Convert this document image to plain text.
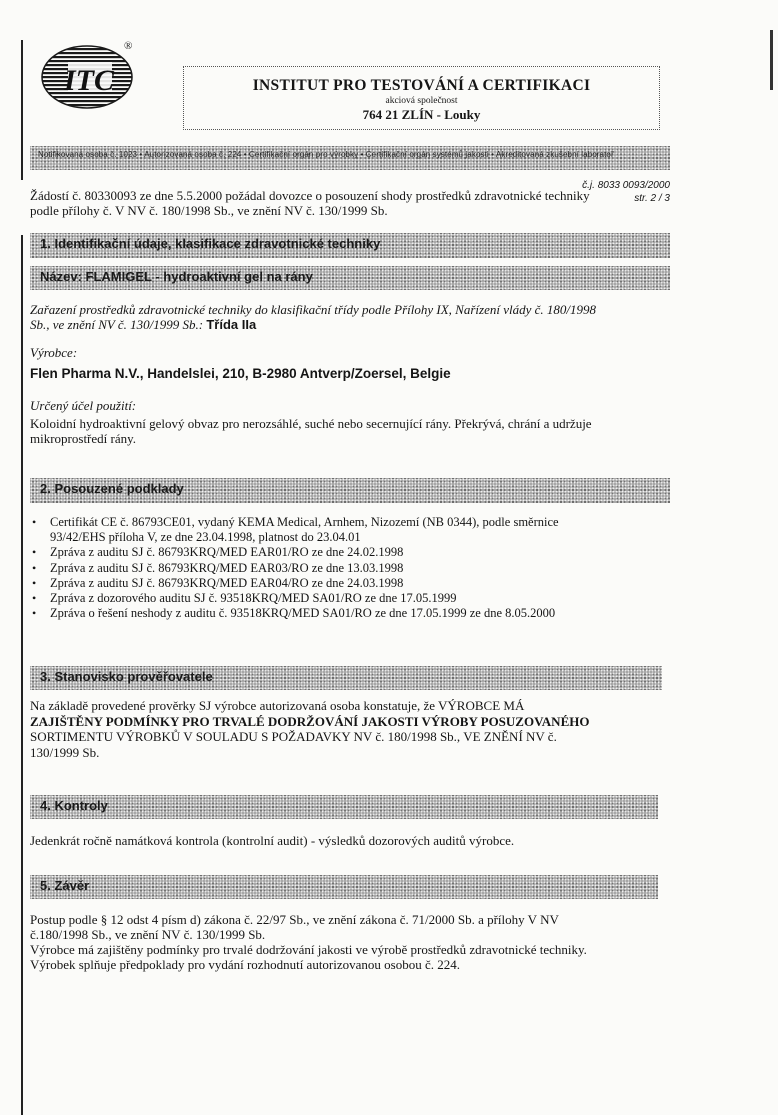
ITC
®
INSTITUT PRO TESTOVÁNÍ A CERTIFIKACI
akciová společnost
764 21 ZLÍN - Louky
Notifikovaná osoba č. 1023 • Autorizovaná osoba č. 224 • Certifikační orgán pro výrobky • Certifikační orgán systémů jakosti • Akreditovaná zkušební laboratoř
č.j. 8033 0093/2000
str. 2 / 3

Žádostí č. 80330093 ze dne 5.5.2000 požádal dovozce o posouzení shody prostředků zdravotnické techniky

podle přílohy č. V NV č. 180/1998 Sb., ve znění NV č. 130/1999 Sb.

1. Identifikační údaje, klasifikace zdravotnické techniky
Název: FLAMIGEL - hydroaktivní gel na rány

Zařazení prostředků zdravotnické techniky do klasifikační třídy podle Přílohy IX, Nařízení vlády č. 180/1998

Sb., ve znění NV č. 130/1999 Sb.: Třída IIa

Výrobce:
Flen Pharma N.V., Handelslei, 210, B-2980 Antverp/Zoersel, Belgie
Určený účel použití:

Koloidní hydroaktivní gelový obvaz pro nerozsáhlé, suché nebo secernující rány. Překrývá, chrání a udržuje

mikroprostředí rány.

2. Posouzené podklady
• Certifikát CE č. 86793CE01, vydaný KEMA Medical, Arnhem, Nizozemí (NB 0344), podle směrnice
93/42/EHS příloha V, ze dne 23.04.1998, platnost do 23.04.01
• Zpráva z auditu SJ č. 86793KRQ/MED EAR01/RO ze dne 24.02.1998
• Zpráva z auditu SJ č. 86793KRQ/MED EAR03/RO ze dne 13.03.1998
• Zpráva z auditu SJ č. 86793KRQ/MED EAR04/RO ze dne 24.03.1998
• Zpráva z dozorového auditu SJ č. 93518KRQ/MED SA01/RO ze dne 17.05.1999
• Zpráva o řešení neshody z auditu č. 93518KRQ/MED SA01/RO ze dne 17.05.1999 ze dne 8.05.2000
3. Stanovisko prověřovatele
Na základě provedené prověrky SJ výrobce autorizovaná osoba konstatuje, že VÝROBCE MÁ
ZAJIŠTĚNY PODMÍNKY PRO TRVALÉ DODRŽOVÁNÍ JAKOSTI VÝROBY POSUZOVANÉHO
SORTIMENTU VÝROBKŮ V SOULADU S POŽADAVKY NV č. 180/1998 Sb., VE ZNĚNÍ NV č.
130/1999 Sb.
4. Kontroly

Jedenkrát ročně namátková kontrola (kontrolní audit) - výsledků dozorových auditů výrobce.

5. Závěr

Postup podle § 12 odst 4 písm d) zákona č. 22/97 Sb., ve znění zákona č. 71/2000 Sb. a přílohy V NV

č.180/1998 Sb., ve znění NV č. 130/1999 Sb.

Výrobce má zajištěny podmínky pro trvalé dodržování jakosti ve výrobě prostředků zdravotnické techniky.

Výrobek splňuje předpoklady pro vydání rozhodnutí autorizovanou osobou č. 224.
